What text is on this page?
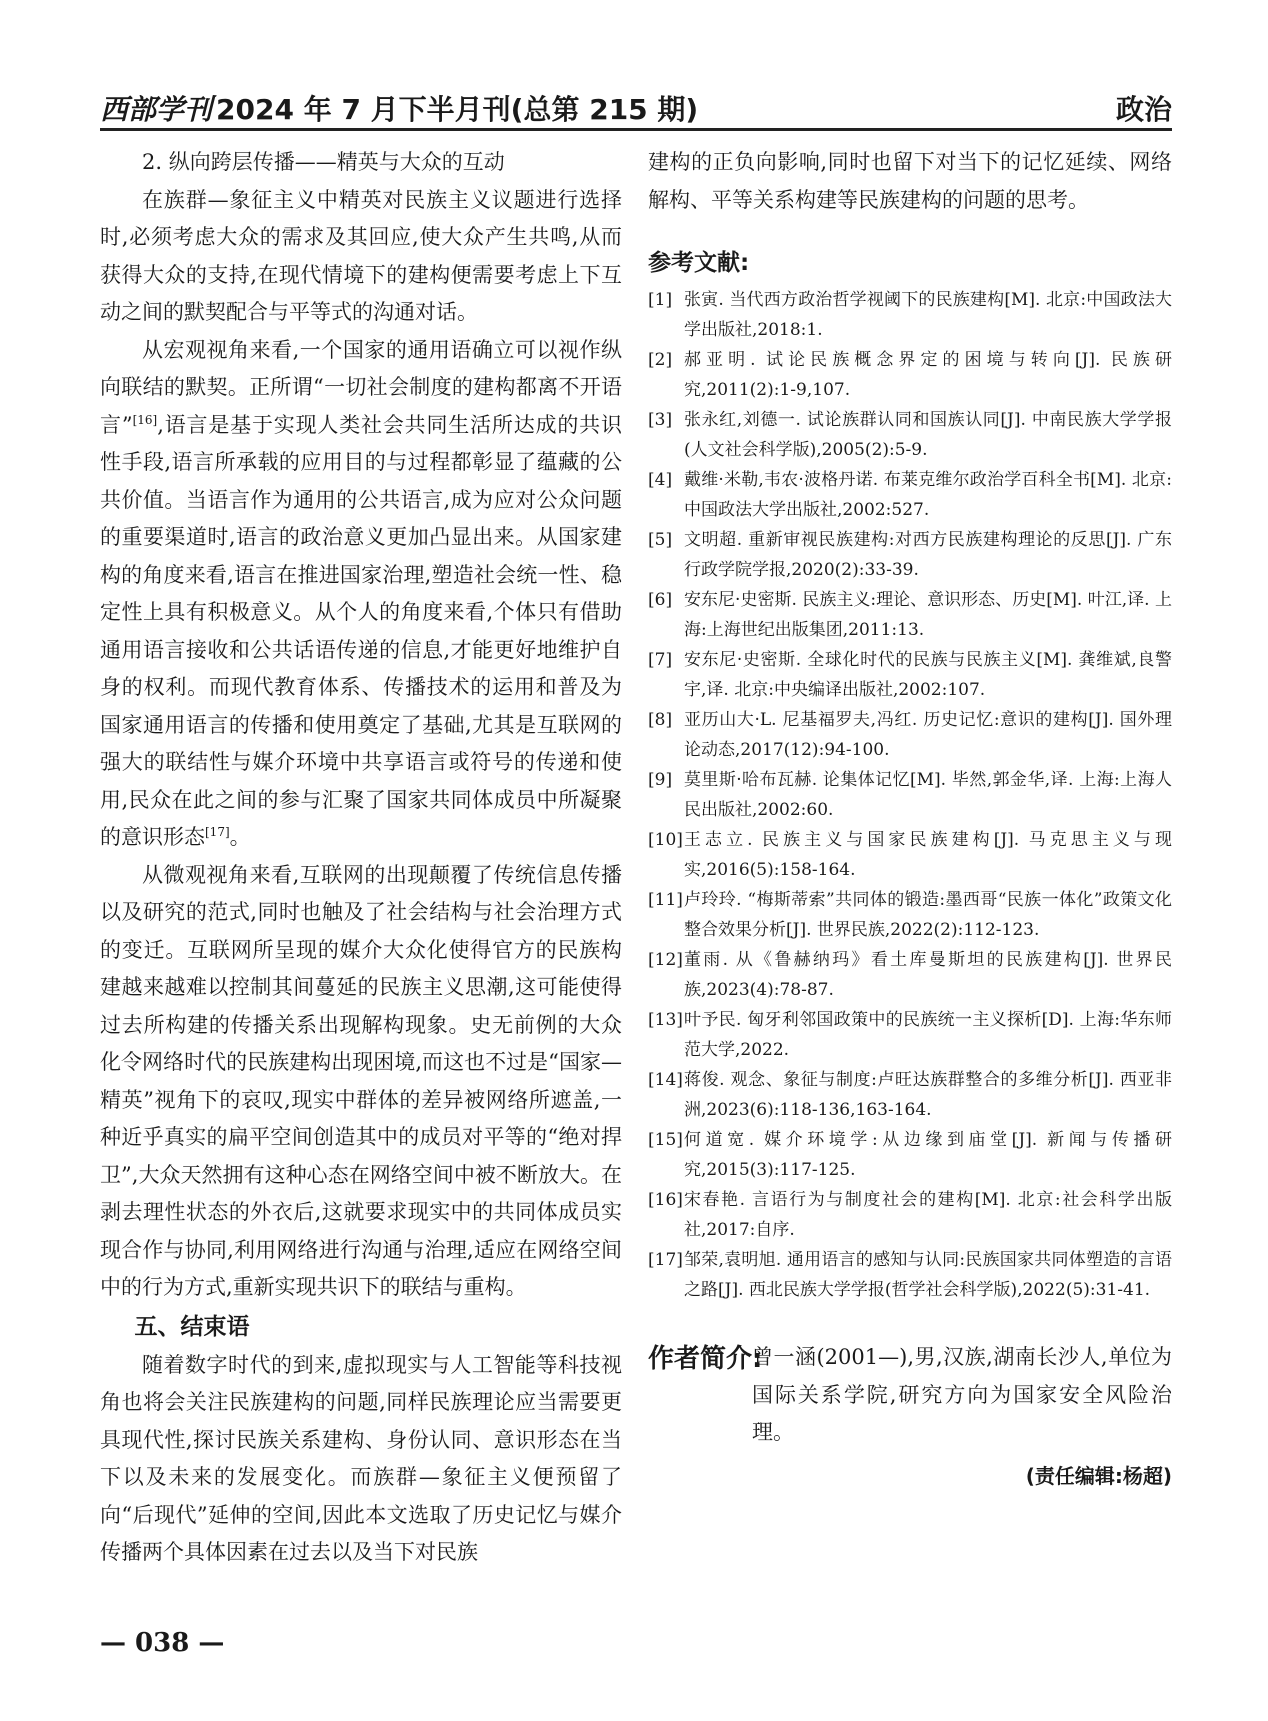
西部学刊 2024 年 7 月下半月刊(总第 215 期)	政治
2. 纵向跨层传播——精英与大众的互动

在族群—象征主义中精英对民族主义议题进行选择时,必须考虑大众的需求及其回应,使大众产生共鸣,从而获得大众的支持,在现代情境下的建构便需要考虑上下互动之间的默契配合与平等式的沟通对话。

从宏观视角来看,一个国家的通用语确立可以视作纵向联结的默契。正所谓“一切社会制度的建构都离不开语言”[16],语言是基于实现人类社会共同生活所达成的共识性手段,语言所承载的应用目的与过程都彰显了蕴藏的公共价值。当语言作为通用的公共语言,成为应对公众问题的重要渠道时,语言的政治意义更加凸显出来。从国家建构的角度来看,语言在推进国家治理,塑造社会统一性、稳定性上具有积极意义。从个人的角度来看,个体只有借助通用语言接收和公共话语传递的信息,才能更好地维护自身的权利。而现代教育体系、传播技术的运用和普及为国家通用语言的传播和使用奠定了基础,尤其是互联网的强大的联结性与媒介环境中共享语言或符号的传递和使用,民众在此之间的参与汇聚了国家共同体成员中所凝聚的意识形态[17]。

从微观视角来看,互联网的出现颠覆了传统信息传播以及研究的范式,同时也触及了社会结构与社会治理方式的变迁。互联网所呈现的媒介大众化使得官方的民族构建越来越难以控制其间蔓延的民族主义思潮,这可能使得过去所构建的传播关系出现解构现象。史无前例的大众化令网络时代的民族建构出现困境,而这也不过是“国家—精英”视角下的哀叹,现实中群体的差异被网络所遮盖,一种近乎真实的扁平空间创造其中的成员对平等的“绝对捍卫”,大众天然拥有这种心态在网络空间中被不断放大。在剥去理性状态的外衣后,这就要求现实中的共同体成员实现合作与协同,利用网络进行沟通与治理,适应在网络空间中的行为方式,重新实现共识下的联结与重构。

五、结束语

随着数字时代的到来,虚拟现实与人工智能等科技视角也将会关注民族建构的问题,同样民族理论应当需要更具现代性,探讨民族关系建构、身份认同、意识形态在当下以及未来的发展变化。而族群—象征主义便预留了向“后现代”延伸的空间,因此本文选取了历史记忆与媒介传播两个具体因素在过去以及当下对民族

建构的正负向影响,同时也留下对当下的记忆延续、网络解构、平等关系构建等民族建构的问题的思考。

参考文献:
[1] 张寅. 当代西方政治哲学视阈下的民族建构[M]. 北京:中国政法大学出版社,2018:1.
[2] 郝亚明. 试论民族概念界定的困境与转向[J]. 民族研究,2011(2):1-9,107.
[3] 张永红,刘德一. 试论族群认同和国族认同[J]. 中南民族大学学报(人文社会科学版),2005(2):5-9.
[4] 戴维·米勒,韦农·波格丹诺. 布莱克维尔政治学百科全书[M]. 北京:中国政法大学出版社,2002:527.
[5] 文明超. 重新审视民族建构:对西方民族建构理论的反思[J]. 广东行政学院学报,2020(2):33-39.
[6] 安东尼·史密斯. 民族主义:理论、意识形态、历史[M]. 叶江,译. 上海:上海世纪出版集团,2011:13.
[7] 安东尼·史密斯. 全球化时代的民族与民族主义[M]. 龚维斌,良警宇,译. 北京:中央编译出版社,2002:107.
[8] 亚历山大·L. 尼基福罗夫,冯红. 历史记忆:意识的建构[J]. 国外理论动态,2017(12):94-100.
[9] 莫里斯·哈布瓦赫. 论集体记忆[M]. 毕然,郭金华,译. 上海:上海人民出版社,2002:60.
[10] 王志立. 民族主义与国家民族建构[J]. 马克思主义与现实,2016(5):158-164.
[11] 卢玲玲. “梅斯蒂索”共同体的锻造:墨西哥“民族一体化”政策文化整合效果分析[J]. 世界民族,2022(2):112-123.
[12] 董雨. 从《鲁赫纳玛》看土库曼斯坦的民族建构[J]. 世界民族,2023(4):78-87.
[13] 叶予民. 匈牙利邻国政策中的民族统一主义探析[D]. 上海:华东师范大学,2022.
[14] 蒋俊. 观念、象征与制度:卢旺达族群整合的多维分析[J]. 西亚非洲,2023(6):118-136,163-164.
[15] 何道宽. 媒介环境学:从边缘到庙堂[J]. 新闻与传播研究,2015(3):117-125.
[16] 宋春艳. 言语行为与制度社会的建构[M]. 北京:社会科学出版社,2017:自序.
[17] 邹荣,袁明旭. 通用语言的感知与认同:民族国家共同体塑造的言语之路[J]. 西北民族大学学报(哲学社会科学版),2022(5):31-41.
作者简介:
曾一涵(2001—),男,汉族,湖南长沙人,单位为国际关系学院,研究方向为国家安全风险治理。
(责任编辑:杨超)
— 038 —
